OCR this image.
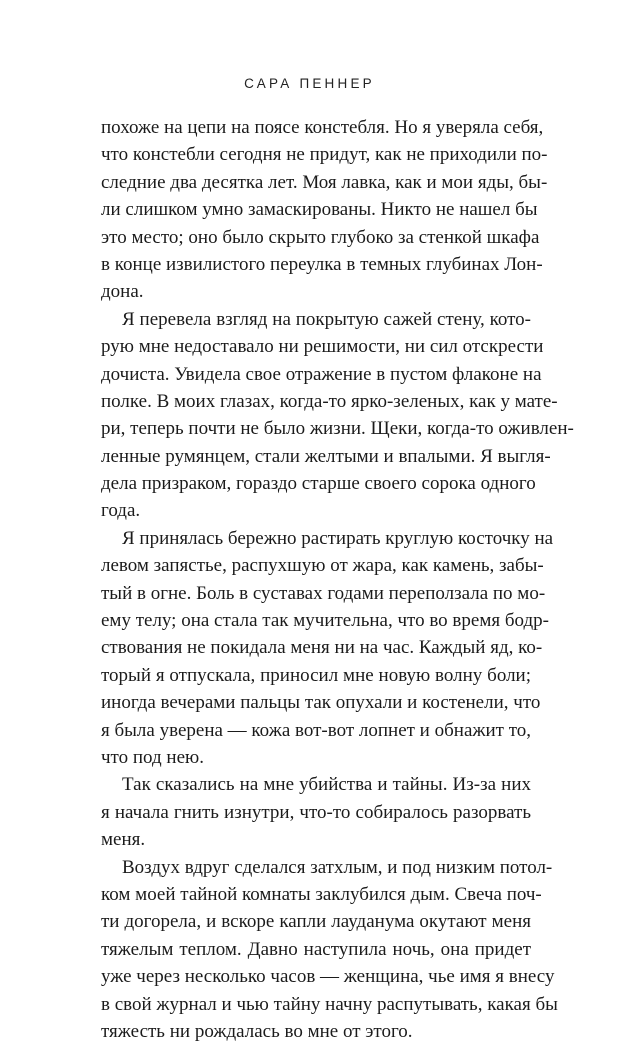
САРА ПЕННЕР
похоже на цепи на поясе констебля. Но я уверяла себя,
что констебли сегодня не придут, как не приходили по-
следние два десятка лет. Моя лавка, как и мои яды, бы-
ли слишком умно замаскированы. Никто не нашел бы
это место; оно было скрыто глубоко за стенкой шкафа
в конце извилистого переулка в темных глубинах Лон-
дона.
Я перевела взгляд на покрытую сажей стену, кото-
рую мне недоставало ни решимости, ни сил отскрести
дочиста. Увидела свое отражение в пустом флаконе на
полке. В моих глазах, когда-то ярко-зеленых, как у мате-
ри, теперь почти не было жизни. Щеки, когда-то оживлен-
ленные румянцем, стали желтыми и впалыми. Я выгля-
дела призраком, гораздо старше своего сорока одного
года.
Я принялась бережно растирать круглую косточку на
левом запястье, распухшую от жара, как камень, забы-
тый в огне. Боль в суставах годами переползала по мо-
ему телу; она стала так мучительна, что во время бодр-
ствования не покидала меня ни на час. Каждый яд, ко-
торый я отпускала, приносил мне новую волну боли;
иногда вечерами пальцы так опухали и костенели, что
я была уверена — кожа вот-вот лопнет и обнажит то,
что под нею.
Так сказались на мне убийства и тайны. Из-за них
я начала гнить изнутри, что-то собиралось разорвать
меня.
Воздух вдруг сделался затхлым, и под низким потол-
ком моей тайной комнаты заклубился дым. Свеча поч-
ти догорела, и вскоре капли лауданума окутают меня
тяжелым теплом. Давно наступила ночь, она придет
уже через несколько часов — женщина, чье имя я внесу
в свой журнал и чью тайну начну распутывать, какая бы
тяжесть ни рождалась во мне от этого.
